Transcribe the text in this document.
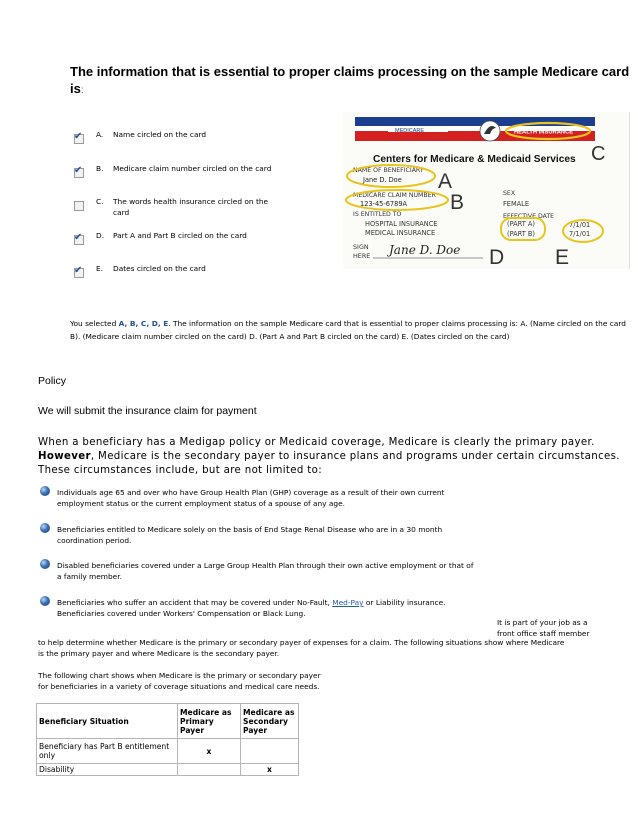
The information that is essential to proper claims processing on the sample Medicare card is:
✔
A. Name circled on the card
✔
B. Medicare claim number circled on the card
C. The words health insurance circled on the card
✔
D. Part A and Part B circled on the card
✔
E. Dates circled on the card
MEDICARE	HEALTH INSURANCE
Centers for Medicare & Medicaid Services C
NAME OF BENEFICIARY
Jane D. Doe A
MEDICARE CLAIM NUMBER
123-45-6789A B	SEX
FEMALE
IS ENTITLED TO	EFFECTIVE DATE
HOSPITAL INSURANCE	(PART A)	7/1/01
MEDICAL INSURANCE	(PART B)	7/1/01
SIGN
HERE Jane D. Doe D E
You selected A, B, C, D, E. The information on the sample Medicare card that is essential to proper claims processing is: A. (Name circled on the card B). (Medicare claim number circled on the card) D. (Part A and Part B circled on the card) E. (Dates circled on the card)
Policy
We will submit the insurance claim for payment
When a beneficiary has a Medigap policy or Medicaid coverage, Medicare is clearly the primary payer.
However, Medicare is the secondary payer to insurance plans and programs under certain circumstances. These circumstances include, but are not limited to:
Individuals age 65 and over who have Group Health Plan (GHP) coverage as a result of their own current employment status or the current employment status of a spouse of any age.
Beneficiaries entitled to Medicare solely on the basis of End Stage Renal Disease who are in a 30 month coordination period.
Disabled beneficiaries covered under a Large Group Health Plan through their own active employment or that of a family member.
Beneficiaries who suffer an accident that may be covered under No-Fault, Med-Pay or Liability insurance.
Beneficiaries covered under Workers' Compensation or Black Lung.
It is part of your job as a
front office staff member
to help determine whether Medicare is the primary or secondary payer of expenses for a claim. The following situations show where Medicare
is the primary payer and where Medicare is the secondary payer.
The following chart shows when Medicare is the primary or secondary payer
for beneficiaries in a variety of coverage situations and medical care needs.
Beneficiary Situation	Medicare as Primary Payer	Medicare as Secondary Payer
Beneficiary has Part B entitlement only	x	
Disability		x
